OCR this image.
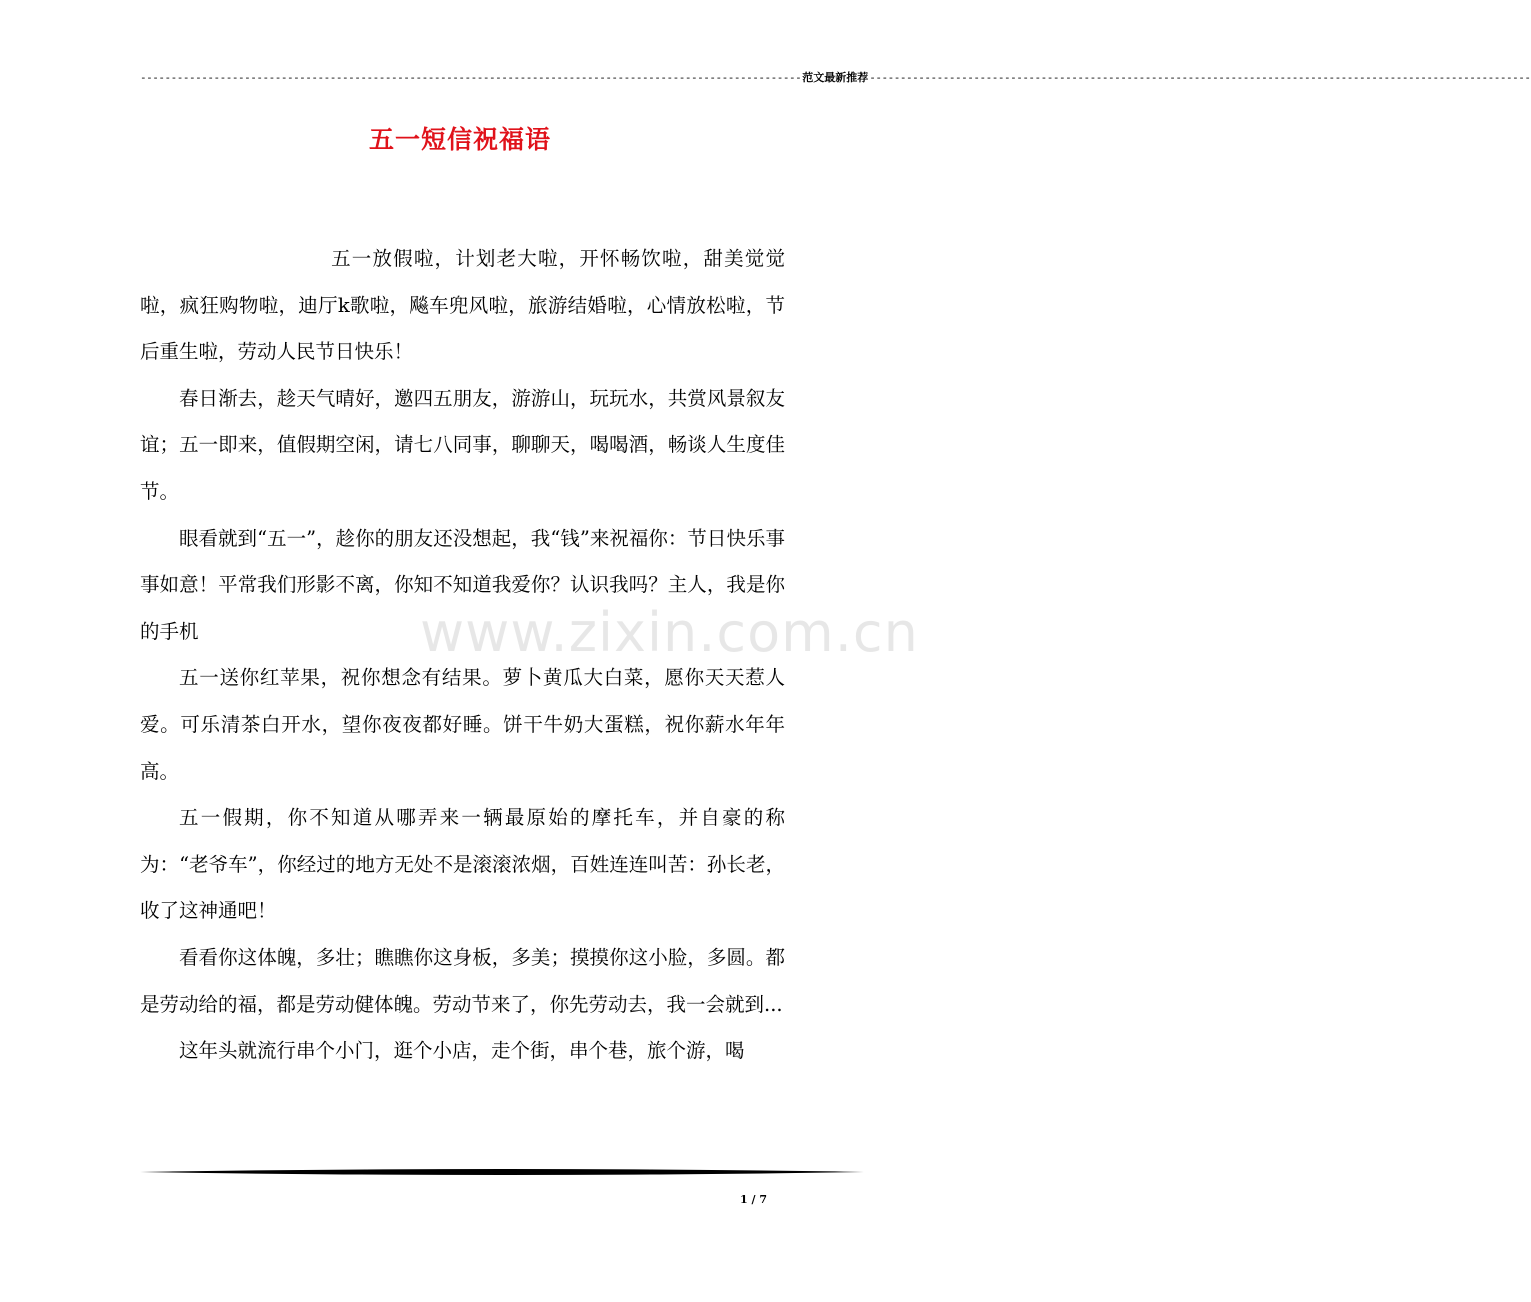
------------------------------------------------------------------------------------------------------------ 范文最新推荐 ------------------------------------------------------------------------------------------------------------
五一短信祝福语

五一放假啦，计划老大啦，开怀畅饮啦，甜美觉觉啦，疯狂购物啦，迪厅k歌啦，飚车兜风啦，旅游结婚啦，心情放松啦，节后重生啦，劳动人民节日快乐！

春日渐去，趁天气晴好，邀四五朋友，游游山，玩玩水，共赏风景叙友谊；五一即来，值假期空闲，请七八同事，聊聊天，喝喝酒，畅谈人生度佳节。

眼看就到“五一”，趁你的朋友还没想起，我“钱”来祝福你：节日快乐事事如意！平常我们形影不离，你知不知道我爱你？认识我吗？主人，我是你的手机

五一送你红苹果，祝你想念有结果。萝卜黄瓜大白菜，愿你天天惹人爱。可乐清茶白开水，望你夜夜都好睡。饼干牛奶大蛋糕，祝你薪水年年高。

五一假期，你不知道从哪弄来一辆最原始的摩托车，并自豪的称为：“老爷车”，你经过的地方无处不是滚滚浓烟，百姓连连叫苦：孙长老，收了这神通吧！

看看你这体魄，多壮；瞧瞧你这身板，多美；摸摸你这小脸，多圆。都是劳动给的福，都是劳动健体魄。劳动节来了，你先劳动去，我一会就到...

这年头就流行串个小门，逛个小店，走个街，串个巷，旅个游，喝

www.zixin.com.cn
1 / 7
